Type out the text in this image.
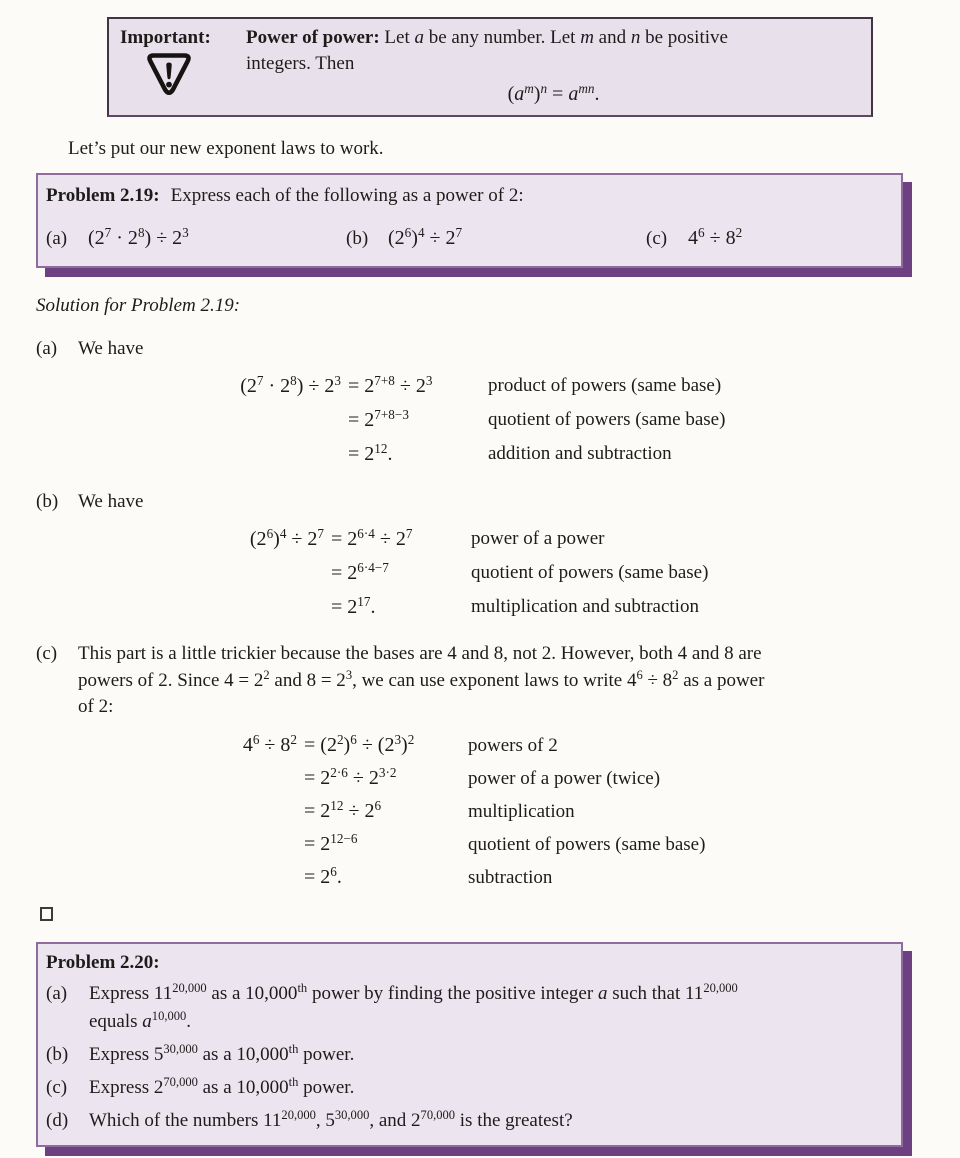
Important: Power of power: Let a be any number. Let m and n be positive
integers. Then
$(a^m)^n = a^{mn}$.

Let’s put our new exponent laws to work.

Problem 2.19: Express each of the following as a power of 2:
(a) $(2^7 \cdot 2^8) \div 2^3$	(b) $(2^6)^4 \div 2^7$	(c) $4^6 \div 8^2$

Solution for Problem 2.19:

(a)	We have
$(2^7 \cdot 2^8) \div 2^3 = 2^{7+8} \div 2^3$	product of powers (same base)
= $2^{7+8-3}$	quotient of powers (same base)
= $2^{12}$.	addition and subtraction
(b)	We have
$(2^6)^4 \div 2^7 = 2^{6\cdot 4} \div 2^7$	power of a power
= $2^{6\cdot 4-7}$	quotient of powers (same base)
= $2^{17}$.	multiplication and subtraction
(c)	This part is a little trickier because the bases are 4 and 8, not 2. However, both 4 and 8 are
powers of 2. Since $4 = 2^2$ and $8 = 2^3$, we can use exponent laws to write $4^6 \div 8^2$ as a power
of 2:
$4^6 \div 8^2 = (2^2)^6 \div (2^3)^2$	powers of 2
= $2^{2\cdot 6} \div 2^{3\cdot 2}$	power of a power (twice)
= $2^{12} \div 2^6$	multiplication
= $2^{12-6}$	quotient of powers (same base)
= $2^6$.	subtraction
Problem 2.20:
(a)	Express 11$^{20,000}$ as a 10,000th power by finding the positive integer a such that 11$^{20,000}$
equals $a^{10,000}$.
(b)	Express 5$^{30,000}$ as a 10,000th power.
(c)	Express 2$^{70,000}$ as a 10,000th power.
(d)	Which of the numbers 11$^{20,000}$, 5$^{30,000}$, and 2$^{70,000}$ is the greatest?
